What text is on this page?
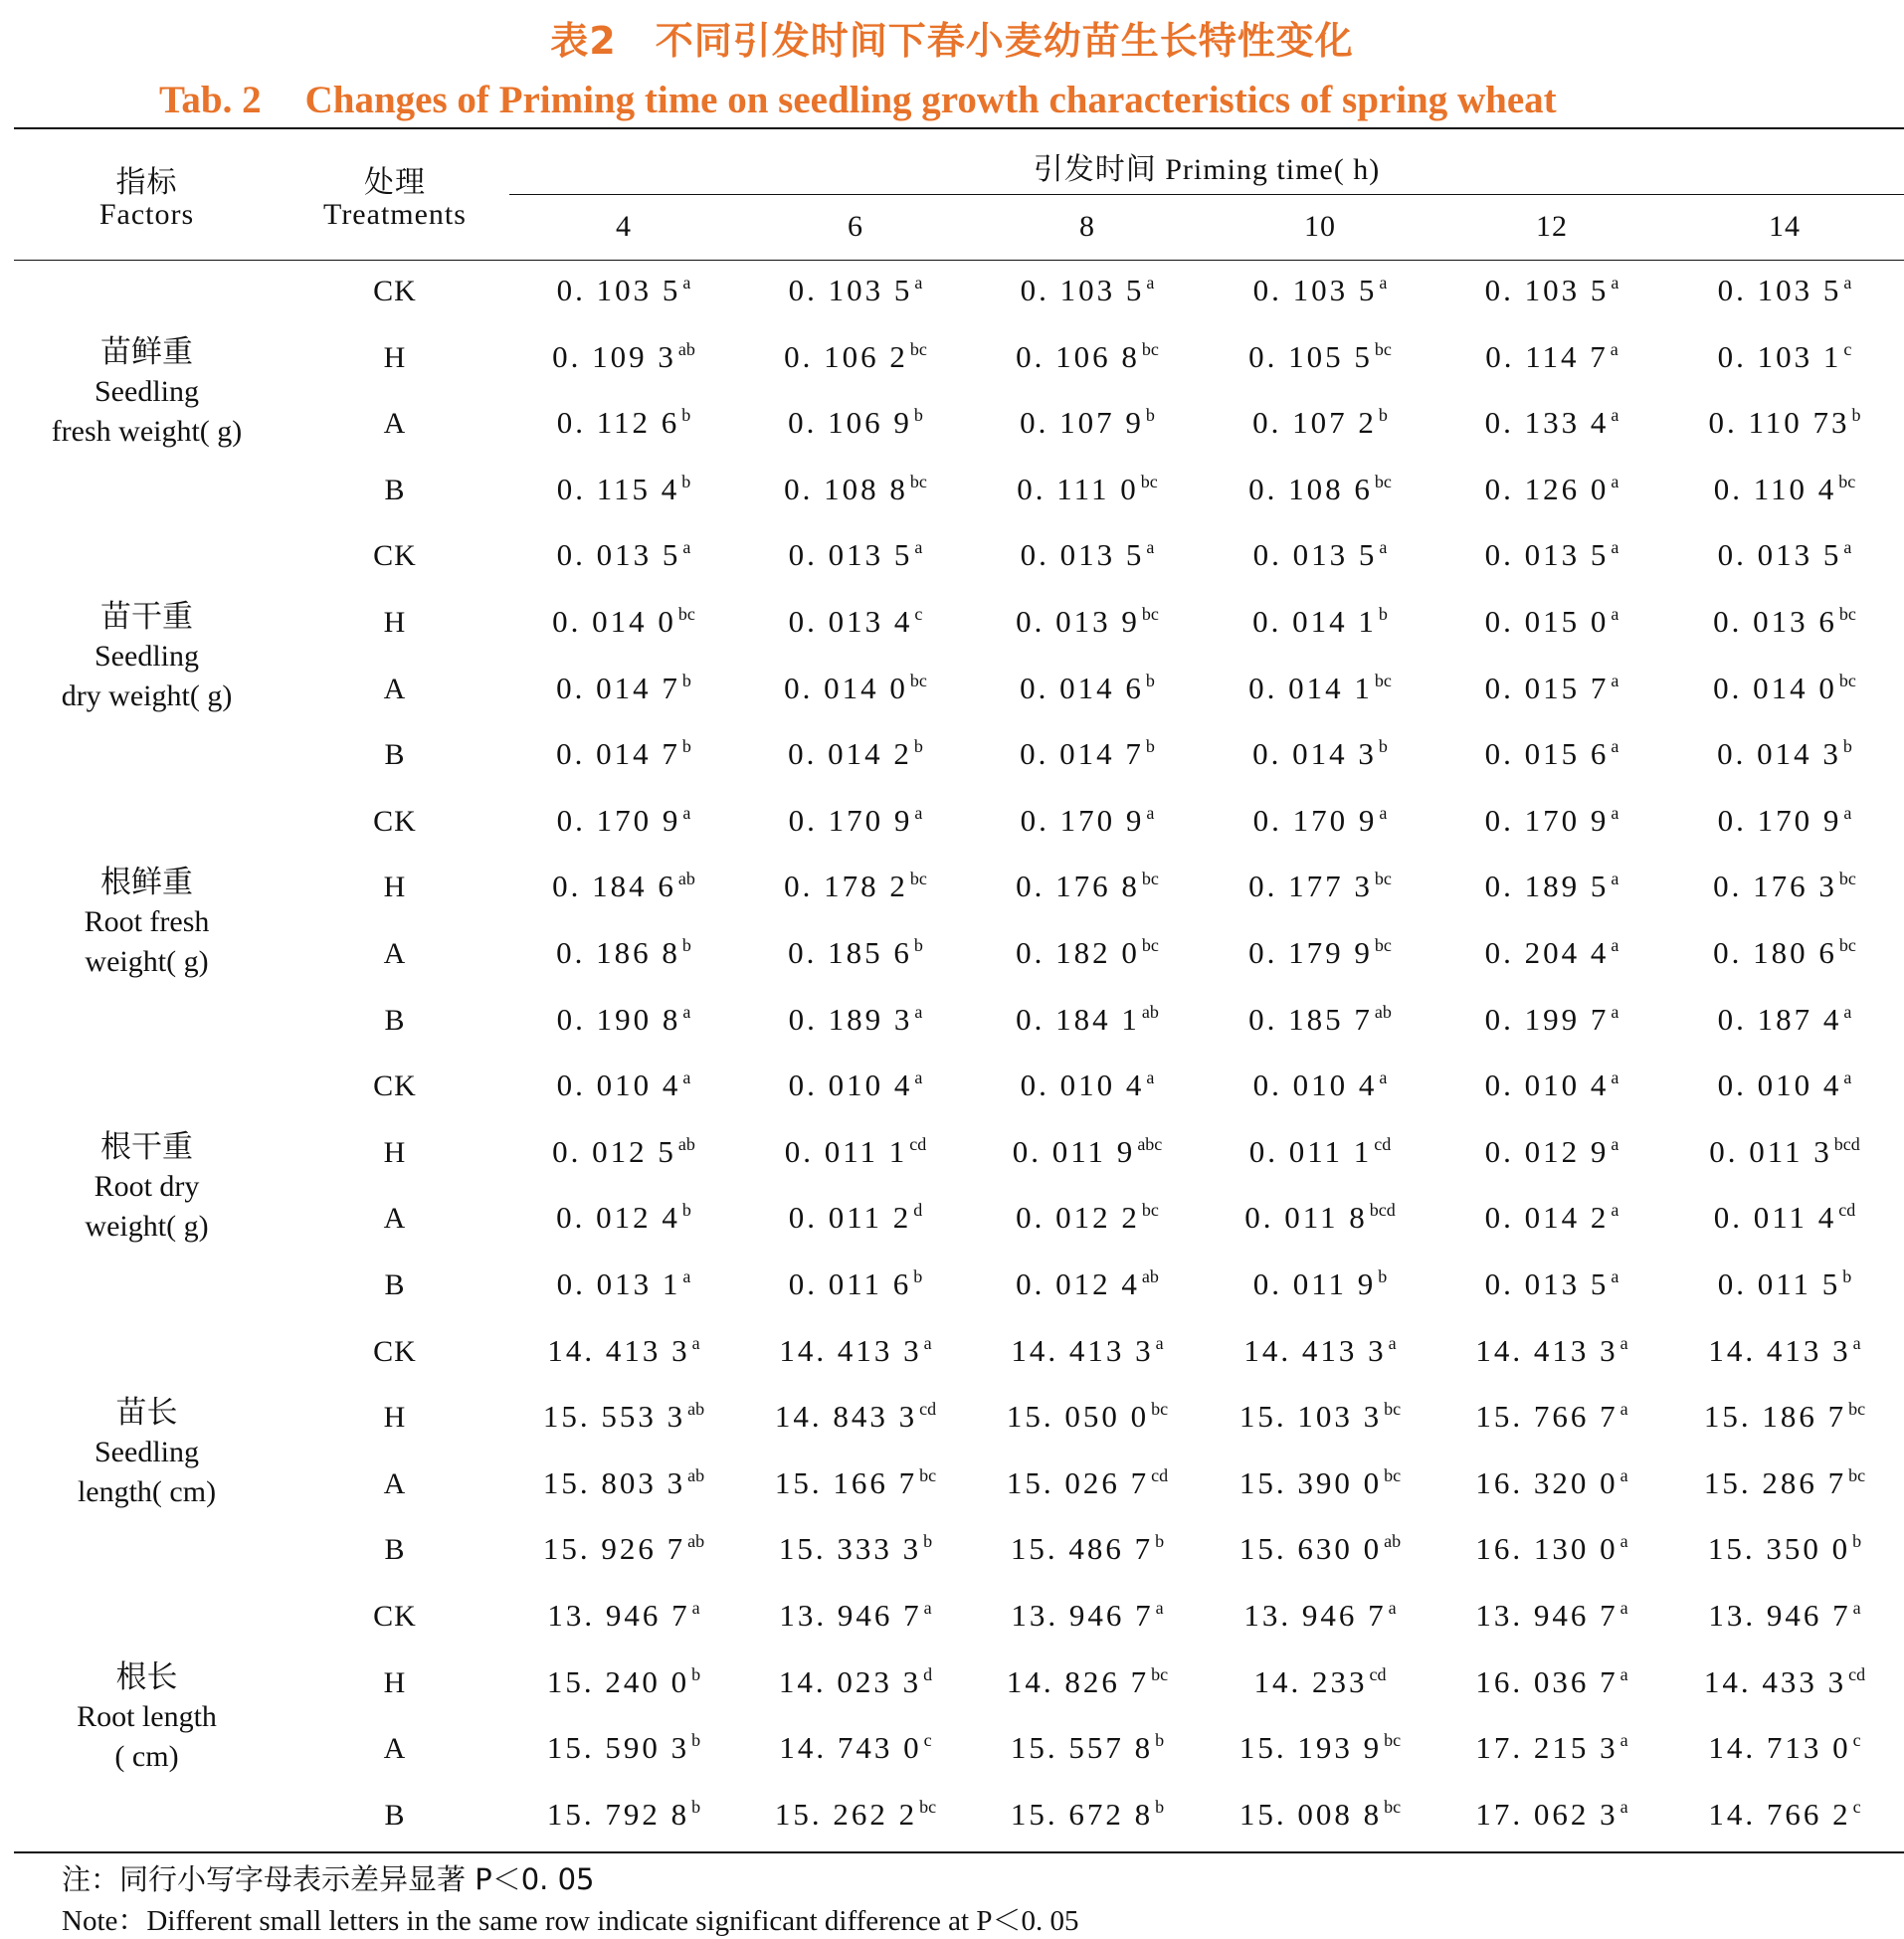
表2　不同引发时间下春小麦幼苗生长特性变化
Tab. 2 Changes of Priming time on seedling growth characteristics of spring wheat
指标
Factors
处理
Treatments
引发时间 Priming time( h)
4	6	8	10	12	14
苗鲜重
Seedling
fresh weight( g)
CK	0. 103 5 $^a$	0. 103 5 $^a$	0. 103 5 $^a$	0. 103 5 $^a$	0. 103 5 $^a$	0. 103 5 $^a$
H	0. 109 3 $^{ab}$	0. 106 2 $^{bc}$	0. 106 8 $^{bc}$	0. 105 5 $^{bc}$	0. 114 7 $^a$	0. 103 1 $^c$
A	0. 112 6 $^b$	0. 106 9 $^b$	0. 107 9 $^b$	0. 107 2 $^b$	0. 133 4 $^a$	0. 110 73 $^b$
B	0. 115 4 $^b$	0. 108 8 $^{bc}$	0. 111 0 $^{bc}$	0. 108 6 $^{bc}$	0. 126 0 $^a$	0. 110 4 $^{bc}$
苗干重
Seedling
dry weight( g)
CK	0. 013 5 $^a$	0. 013 5 $^a$	0. 013 5 $^a$	0. 013 5 $^a$	0. 013 5 $^a$	0. 013 5 $^a$
H	0. 014 0 $^{bc}$	0. 013 4 $^c$	0. 013 9 $^{bc}$	0. 014 1 $^b$	0. 015 0 $^a$	0. 013 6 $^{bc}$
A	0. 014 7 $^b$	0. 014 0 $^{bc}$	0. 014 6 $^b$	0. 014 1 $^{bc}$	0. 015 7 $^a$	0. 014 0 $^{bc}$
B	0. 014 7 $^b$	0. 014 2 $^b$	0. 014 7 $^b$	0. 014 3 $^b$	0. 015 6 $^a$	0. 014 3 $^b$
根鲜重
Root fresh
weight( g)
CK	0. 170 9 $^a$	0. 170 9 $^a$	0. 170 9 $^a$	0. 170 9 $^a$	0. 170 9 $^a$	0. 170 9 $^a$
H	0. 184 6 $^{ab}$	0. 178 2 $^{bc}$	0. 176 8 $^{bc}$	0. 177 3 $^{bc}$	0. 189 5 $^a$	0. 176 3 $^{bc}$
A	0. 186 8 $^b$	0. 185 6 $^b$	0. 182 0 $^{bc}$	0. 179 9 $^{bc}$	0. 204 4 $^a$	0. 180 6 $^{bc}$
B	0. 190 8 $^a$	0. 189 3 $^a$	0. 184 1 $^{ab}$	0. 185 7 $^{ab}$	0. 199 7 $^a$	0. 187 4 $^a$
根干重
Root dry
weight( g)
CK	0. 010 4 $^a$	0. 010 4 $^a$	0. 010 4 $^a$	0. 010 4 $^a$	0. 010 4 $^a$	0. 010 4 $^a$
H	0. 012 5 $^{ab}$	0. 011 1 $^{cd}$	0. 011 9 $^{abc}$	0. 011 1 $^{cd}$	0. 012 9 $^a$	0. 011 3 $^{bcd}$
A	0. 012 4 $^b$	0. 011 2 $^d$	0. 012 2 $^{bc}$	0. 011 8 $^{bcd}$	0. 014 2 $^a$	0. 011 4 $^{cd}$
B	0. 013 1 $^a$	0. 011 6 $^b$	0. 012 4 $^{ab}$	0. 011 9 $^b$	0. 013 5 $^a$	0. 011 5 $^b$
苗长
Seedling
length( cm)
CK	14. 413 3 $^a$	14. 413 3 $^a$	14. 413 3 $^a$	14. 413 3 $^a$	14. 413 3 $^a$	14. 413 3 $^a$
H	15. 553 3 $^{ab}$	14. 843 3 $^{cd}$	15. 050 0 $^{bc}$	15. 103 3 $^{bc}$	15. 766 7 $^a$	15. 186 7 $^{bc}$
A	15. 803 3 $^{ab}$	15. 166 7 $^{bc}$	15. 026 7 $^{cd}$	15. 390 0 $^{bc}$	16. 320 0 $^a$	15. 286 7 $^{bc}$
B	15. 926 7 $^{ab}$	15. 333 3 $^b$	15. 486 7 $^b$	15. 630 0 $^{ab}$	16. 130 0 $^a$	15. 350 0 $^b$
根长
Root length
( cm)
CK	13. 946 7 $^a$	13. 946 7 $^a$	13. 946 7 $^a$	13. 946 7 $^a$	13. 946 7 $^a$	13. 946 7 $^a$
H	15. 240 0 $^b$	14. 023 3 $^d$	14. 826 7 $^{bc}$	14. 233 $^{cd}$	16. 036 7 $^a$	14. 433 3 $^{cd}$
A	15. 590 3 $^b$	14. 743 0 $^c$	15. 557 8 $^b$	15. 193 9 $^{bc}$	17. 215 3 $^a$	14. 713 0 $^c$
B	15. 792 8 $^b$	15. 262 2 $^{bc}$	15. 672 8 $^b$	15. 008 8 $^{bc}$	17. 062 3 $^a$	14. 766 2 $^c$
注：同行小写字母表示差异显著 P＜0. 05
Note：Different small letters in the same row indicate significant difference at P＜0. 05
